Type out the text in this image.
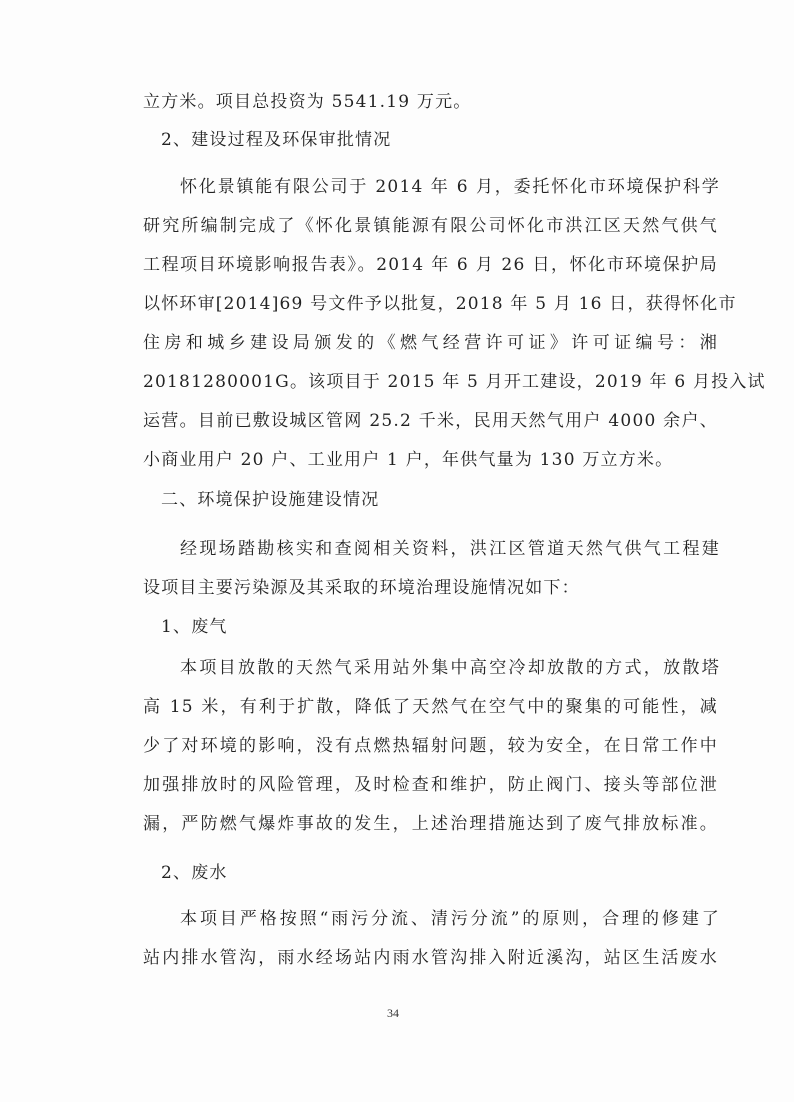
立方米。项目总投资为 5541.19 万元。
2、建设过程及环保审批情况
怀化景镇能有限公司于 2014 年 6 月，委托怀化市环境保护科学
研究所编制完成了《怀化景镇能源有限公司怀化市洪江区天然气供气
工程项目环境影响报告表》。2014 年 6 月 26 日，怀化市环境保护局
以怀环审[2014]69 号文件予以批复，2018 年 5 月 16 日，获得怀化市
住房和城乡建设局颁发的《燃气经营许可证》许可证编号：湘
20181280001G。该项目于 2015 年 5 月开工建设，2019 年 6 月投入试
运营。目前已敷设城区管网 25.2 千米，民用天然气用户 4000 余户、
小商业用户 20 户、工业用户 1 户，年供气量为 130 万立方米。
二、环境保护设施建设情况
经现场踏勘核实和查阅相关资料，洪江区管道天然气供气工程建
设项目主要污染源及其采取的环境治理设施情况如下：
1、废气
本项目放散的天然气采用站外集中高空冷却放散的方式，放散塔
高 15 米，有利于扩散，降低了天然气在空气中的聚集的可能性，减
少了对环境的影响，没有点燃热辐射问题，较为安全，在日常工作中
加强排放时的风险管理，及时检查和维护，防止阀门、接头等部位泄
漏，严防燃气爆炸事故的发生，上述治理措施达到了废气排放标准。
2、废水
本项目严格按照“雨污分流、清污分流”的原则，合理的修建了
站内排水管沟，雨水经场站内雨水管沟排入附近溪沟，站区生活废水
34
